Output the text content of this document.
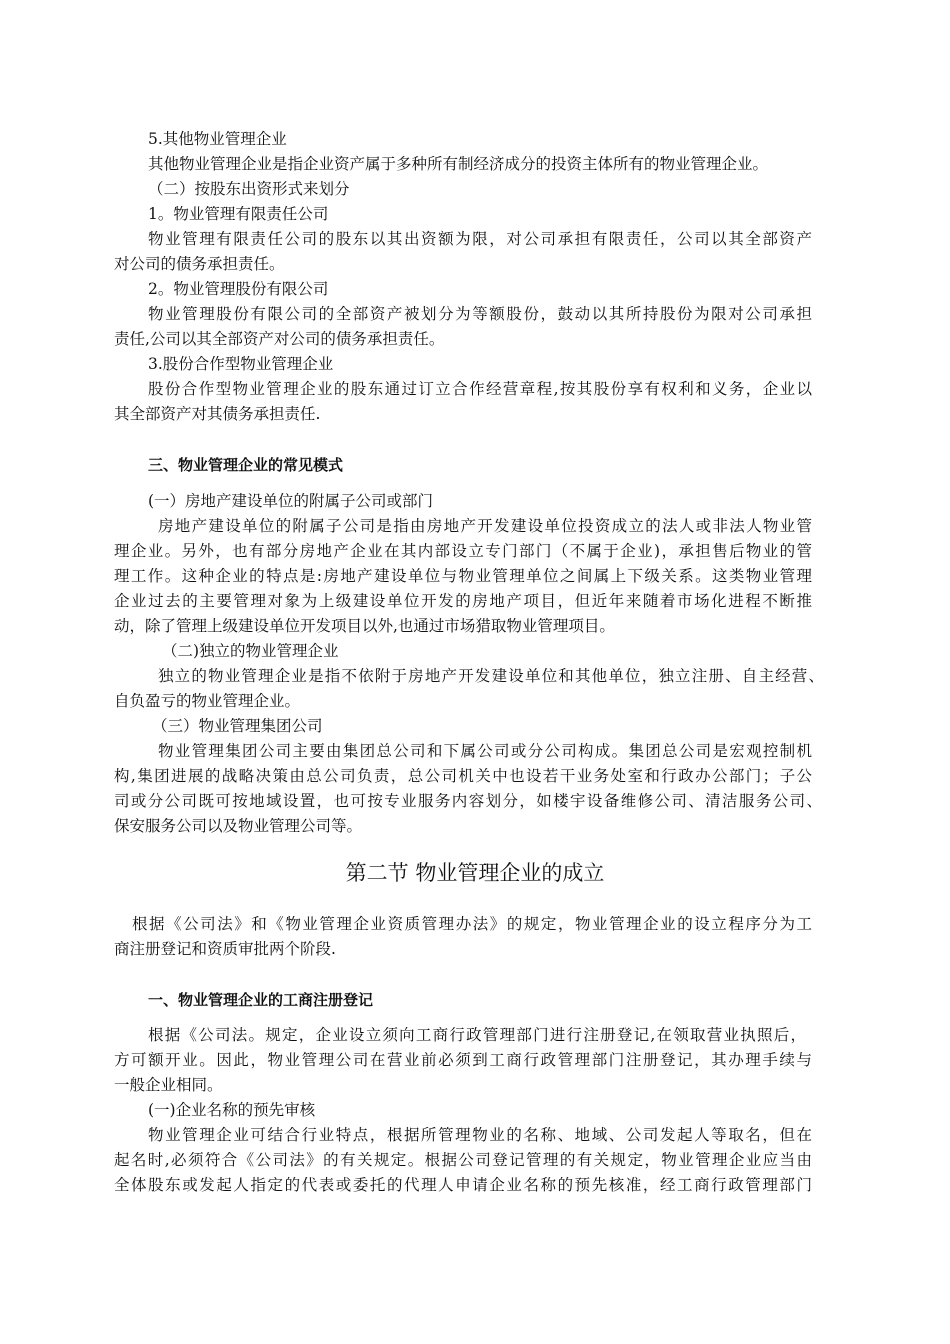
5.其他物业管理企业
其他物业管理企业是指企业资产属于多种所有制经济成分的投资主体所有的物业管理企业。
（二）按股东出资形式来划分
1。物业管理有限责任公司
物业管理有限责任公司的股东以其出资额为限，对公司承担有限责任，公司以其全部资产
对公司的债务承担责任。
2。物业管理股份有限公司
物业管理股份有限公司的全部资产被划分为等额股份，鼓动以其所持股份为限对公司承担
责任,公司以其全部资产对公司的债务承担责任。
3.股份合作型物业管理企业
股份合作型物业管理企业的股东通过订立合作经营章程,按其股份享有权利和义务，企业以
其全部资产对其债务承担责任.
三、物业管理企业的常见模式
(一）房地产建设单位的附属子公司或部门
房地产建设单位的附属子公司是指由房地产开发建设单位投资成立的法人或非法人物业管
理企业。另外，也有部分房地产企业在其内部设立专门部门（不属于企业)，承担售后物业的管
理工作。这种企业的特点是:房地产建设单位与物业管理单位之间属上下级关系。这类物业管理
企业过去的主要管理对象为上级建设单位开发的房地产项目，但近年来随着市场化进程不断推
动，除了管理上级建设单位开发项目以外,也通过市场猎取物业管理项目。
（二)独立的物业管理企业
独立的物业管理企业是指不依附于房地产开发建设单位和其他单位，独立注册、自主经营、
自负盈亏的物业管理企业。
（三）物业管理集团公司
物业管理集团公司主要由集团总公司和下属公司或分公司构成。集团总公司是宏观控制机
构,集团进展的战略决策由总公司负责，总公司机关中也设若干业务处室和行政办公部门；子公
司或分公司既可按地域设置，也可按专业服务内容划分，如楼宇设备维修公司、清洁服务公司、
保安服务公司以及物业管理公司等。
第二节 物业管理企业的成立
根据《公司法》和《物业管理企业资质管理办法》的规定，物业管理企业的设立程序分为工
商注册登记和资质审批两个阶段.
一、物业管理企业的工商注册登记
根据《公司法。规定，企业设立须向工商行政管理部门进行注册登记,在领取营业执照后，
方可额开业。因此，物业管理公司在营业前必须到工商行政管理部门注册登记，其办理手续与
一般企业相同。
(一)企业名称的预先审核
物业管理企业可结合行业特点，根据所管理物业的名称、地域、公司发起人等取名，但在
起名时,必须符合《公司法》的有关规定。根据公司登记管理的有关规定，物业管理企业应当由
全体股东或发起人指定的代表或委托的代理人申请企业名称的预先核准，经工商行政管理部门
